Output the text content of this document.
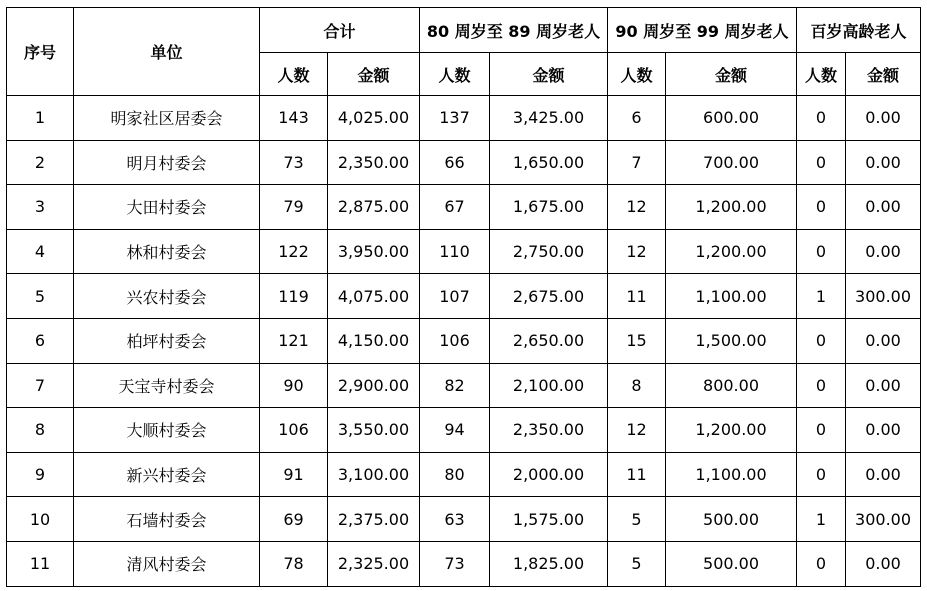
序号	单位	合计		80 周岁至 89 周岁老人		90 周岁至 99 周岁老人		百岁高龄老人	
		人数	金额	人数	金额	人数	金额	人数	金额
1	明家社区居委会	143	4,025.00	137	3,425.00	6	600.00	0	0.00
2	明月村委会	73	2,350.00	66	1,650.00	7	700.00	0	0.00
3	大田村委会	79	2,875.00	67	1,675.00	12	1,200.00	0	0.00
4	林和村委会	122	3,950.00	110	2,750.00	12	1,200.00	0	0.00
5	兴农村委会	119	4,075.00	107	2,675.00	11	1,100.00	1	300.00
6	柏坪村委会	121	4,150.00	106	2,650.00	15	1,500.00	0	0.00
7	天宝寺村委会	90	2,900.00	82	2,100.00	8	800.00	0	0.00
8	大顺村委会	106	3,550.00	94	2,350.00	12	1,200.00	0	0.00
9	新兴村委会	91	3,100.00	80	2,000.00	11	1,100.00	0	0.00
10	石墙村委会	69	2,375.00	63	1,575.00	5	500.00	1	300.00
11	清风村委会	78	2,325.00	73	1,825.00	5	500.00	0	0.00
